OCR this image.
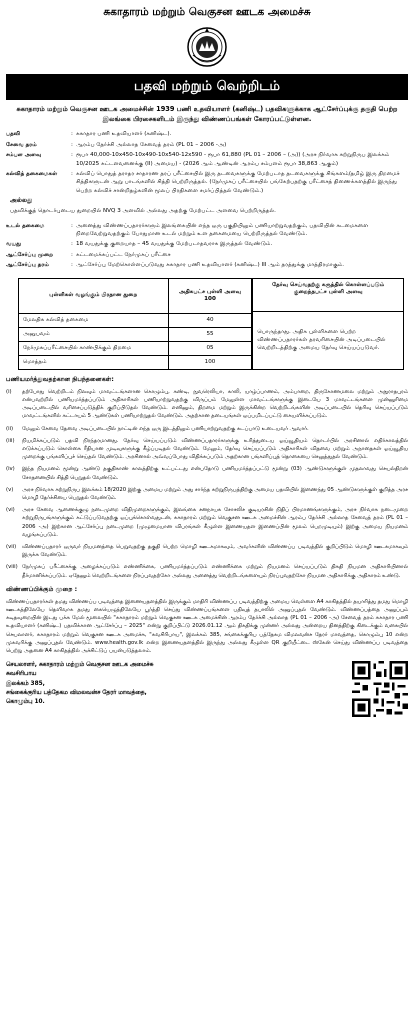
சுகாதாரம் மற்றும் வெகுசன ஊடக அமைச்சு
பதவி மற்றும் வெற்றிடம்
சுகாதாரம் மற்றும் வெகுசன ஊடக அமைச்சின் 1939 பணி உதவியாளர் (கனிஷ்ட) பதவிகளுக்காக ஆட்சேர்ப்புக்கு தகுதி பெற்ற இலங்கை பிரசைகளிடம் இருந்து விண்ணப்பங்கள் கோரப்பட்டுள்ளன.
பதவி	: சுகாதார பணி உதவியாளர் (கனிஷ்ட).
சேவை தரம்	: ஆரம்ப தேர்ச்சி அல்லாத சேவைத் தரம் (PL 01 – 2006 -அ)
சம்பள அளவு	: ரூபா 40,000-10x450-10x490-10x540-12x590 - ரூபா 61,880 (PL 01 – 2006 – (அ)) (அரச நிர்வாக சுற்றுநிருப இலக்கம் 10/2025 சுட்டளவனைக்கு (II) அமைய) - (2026 ஆம் ஆண்டின் ஆரம்ப சம்பளம் ரூபா 38,863 ஆகும்)
கல்வித் தகைமைகள்	: கல்விப் பொதுத் தராதர சாதாரண தரப் பரீட்சையில் இரு தடவைகளுக்கு மேற்படாத தடவைகளுக்கு சிங்களம்/தமிழ் இரு திறமைச் சித்திகளுடன் ஆறு பாடங்களில் சித்தி பெற்றிருத்தல். (நேர்முகப் பரீட்சையில் பங்கேற்பதற்கு பரீட்சைத் திணைக்களத்தில் இருந்து பெற்ற கல்விச் சான்றிதழ்களின் மூலப் பிரதிகளை சமர்ப்பித்தல் வேண்டும்.)
அல்லது
பதவிக்குத் தொடர்புடைய துறையில் NVQ 3 அளவில் அல்லது அதற்கு மேற்பட்ட அளவை பெற்றிருத்தல்.
உடல் தகைமை	: அனைத்து விண்ணப்பதாரர்களும் இலங்கையின் எந்த ஒரு பகுதியிலும் பணியாற்றுவதற்கும், பதவியின் கடமைகளை நிறைவேற்றுவதற்கும் போதுமான உடல் மற்றும் உள தகைமையை பெற்றிருத்தல் வேண்டும்.
வயது	: 18 வயதுக்கு குறையாத – 45 வயதுக்கு மேற்படாதவராக இருத்தல் வேண்டும்.
ஆட்சேர்ப்பு முறை	: கட்டமைக்கப்பட்ட நேர்முகப் பரீட்சை
ஆட்சேர்ப்பு தரம்	: ஆட்சேர்ப்பு மேற்கொள்ளப்படுவது சுகாதார பணி உதவியாளர் (கனிஷ்ட) III ஆம் தரத்துக்கு மாத்திரமாகும்.
புள்ளிகள் வழங்கும் பிரதான துறை	அதிகபட்ச புள்ளி அளவு 100
மேலதிக கல்வித் தகைமை	40
அனுபவம்	55
நேர்முகப்பரீட்சையில் காண்பிக்கும் திறமை	05
மொத்தம்	100
தேர்வு செய்வதற்கு கருத்தில் கொள்ளப்படும் குறைந்தபட்ச புள்ளி அளவு
பொருந்தாது. அதிக புள்ளிகளை பெற்ற விண்ணப்பதாரர்கள் தரவரிசையின் அடிப்படையில் வெற்றிடத்திற்கு அமைய தேர்வு செய்யப்படுவர்.
பணியமர்த்துவதற்கான நிபந்தனைகள்:
(i)	தற்போது வெற்றிடம் நிலவும் மாவட்டங்களான கொழும்பு, கண்டி, நுவரெலியா, காலி, யாழ்ப்பாணம், அம்பாறை, திருகோணமலை மற்றும் அநுராதபுரம் என்பவற்றில் பணியமர்த்தப்படும் அதிகாரிகள் பணியாற்றுவதற்கு விருப்பம் மேலுள்ள மாவட்டங்களுக்கு இடையே 3 மாவட்டங்களை முன்னுரிமை அடிப்படையில் வரிசைப்படுத்திக் குறிப்பிடுதல் வேண்டும். எனினும், திறமை மற்றும் இருக்கின்ற வெற்றிடங்களின் அடிப்படையில் தெரிவு செய்யப்படும் மாவட்டங்களில் கட்டாயம் 5 ஆண்டுகள் பணியாற்றுதல் வேண்டும். அதற்கான தடையங்கள் ஒப்பமிடப்பட்டு கையளிக்கப்படும்.
(ii)	மேலும் சேவை தேவை அடிப்படையில் நாட்டின் எந்த ஒரு இடத்திலும் பணியாற்றுவதற்கு கடப்பாடு உடையவர் ஆவார்.
(iii)	நியமிக்கப்படும் பதவி நிரந்தரமானது. தேர்வு செய்யப்படும் விண்ணப்பதாரர்களுக்கு உரித்துடைய ஓய்வூதியம் தொடர்பில் அரசினால் எதிர்காலத்தில் எடுக்கப்படும் கொள்கை ரீதியான முடிவுகளுக்கு கீழ்ப்படிதல் வேண்டும். மேலும், தேர்வு செய்யப்படும் அதிகாரிகள் விதவை மற்றும் அநாதைகள் ஓய்வூதிய முறைக்கு பங்களிப்புச் செய்தல் வேண்டும். அரசினால் அவ்வப்போது விதிக்கப்படும் அதற்கான பங்களிப்புத் தொகையை செலுத்துதல் வேண்டும்.
(iv)	இந்த நியமனம் மூன்று ஆண்டு தகுதிகாண் காலத்திற்கு உட்பட்டது என்பதோடு பணியமர்த்தப்பட்டு மூன்று (03) ஆண்டுகளுக்குள் முதலாவது செயல்திறன் சோதனையில் சித்தி பெறுதல் வேண்டும்.
(v)	அரச நிர்வாக சுற்றுநிருப இலக்கம் 18/2020 இற்கு அமைய மற்றும் அது சார்ந்த சுற்றுநிருபத்திற்கு அமைய பதவியில் இணைந்து 05 ஆண்டுகளுக்குள் குறித்த அரச மொழி தேர்ச்சியை பெறுதல் வேண்டும்.
(vi)	அரச சேவை ஆணைக்குழு நடைமுறை விதிமுறைகளுக்கும், இலங்கை சனநாயக சோசலிச குடியரசின் நிதிப் பிரமாணங்களுக்கும், அரச நிர்வாக நடைமுறை சுற்றுநிருபங்களுக்கும் கட்டுப்படுவதற்கு ஒப்புக்கொள்வதுடன், சுகாதாரம் மற்றும் வெகுசன ஊடக அமைச்சின் ஆரம்ப தேர்ச்சி அல்லாத சேவைத் தரம் (PL 01 – 2006 -அ) இற்கான ஆட்சேர்ப்பு நடைமுறை (முழுமையான விபரங்கள் கீழுள்ள இணையதள இணைப்பின் மூலம் பெறமுடியும்) இற்கு அமைய நியமனம் வழங்கப்படும்.
(vii)	விண்ணப்பதாரர் ஒருவர் நியமனத்தை பெறுவதற்கு தகுதி பெற்ற மொழி ஊடகமாகவும், அவர்களின் விண்ணப்ப படிவத்தில் குறிப்பிடும் மொழி ஊடகமாகவும் இருக்க வேண்டும்.
(viii) நேர்முகப் பரீட்சைக்கு அழைக்கப்படும் எண்ணிக்கை, பணியமர்த்தப்படும் எண்ணிக்கை மற்றும் நியமனம் செய்யப்படும் திகதி நியமன அதிகாரியினால் தீர்மானிக்கப்படும். ஏதேனும் வெற்றிடங்களை நிரப்புவதற்கோ அல்லது அனைத்து வெற்றிடங்களையும் நிரப்புவதற்கோ நியமன அதிகாரிக்கு அதிகாரம் உண்டு.
விண்ணப்பிக்கும் முறை :
விண்ணப்பதாரர்கள் தமது விண்ணப்ப படிவத்தை இணையதளத்தில் இருக்கும் மாதிரி விண்ணப்ப படிவத்திற்கு அமைய வெள்ளை A4 காகிதத்தில் தயாரித்து தமது மொழி ஊடகத்திலேயே தெளிவாக தமது கையெழுத்திலேயே பூர்த்தி செய்து விண்ணப்பங்களை பதிவுத் தபாலில் அனுப்புதல் வேண்டும். விண்ணப்பத்தை அனுப்பும் கடிதவுறையின் இடது பக்க மேல் மூலையில் "சுகாதாரம் மற்றும் வெகுசன ஊடக அமைச்சின் ஆரம்ப தேர்ச்சி அல்லாத (PL 01 – 2006 -அ) சேவைத் தரம் சுகாதார பணி உதவியாளர் (கனிஷ்ட) பதவிக்கான ஆட்சேர்ப்பு – 2025" என்று குறிப்பிட்டு 2026.01.12 ஆம் திகதிக்கு முன்னர் அல்லது அன்றைய தினத்திற்கு கிடைக்கும் வகையில் செயலாளர், சுகாதாரம் மற்றும் வெகுசன ஊடக அமைச்சு, "சுவசிரிபாய", இலக்கம் 385, சங்கைக்குரிய பத்தேகம விமலவன்ச தேரர் மாவத்தை, கொழும்பு 10 என்ற முகவரிக்கு அனுப்புதல் வேண்டும். www.health.gov.lk என்ற இணையதளத்தில் இருந்து அல்லது கீழுள்ள QR குறியீட்டை ஸ்கேன் செய்து விண்ணப்ப படிவத்தை பெற்று அதனை A4 காகிதத்தில் அச்சிட்டுப் பயன்படுத்தலாம்.
செயலாளர், சுகாதாரம் மற்றும் வெகுசன ஊடக அமைச்சு
சுவசிரிபாய
இலக்கம் 385,
சங்கைக்குரிய பத்தேகம விமலவன்ச தேரர் மாவத்தை,
கொழும்பு 10.
